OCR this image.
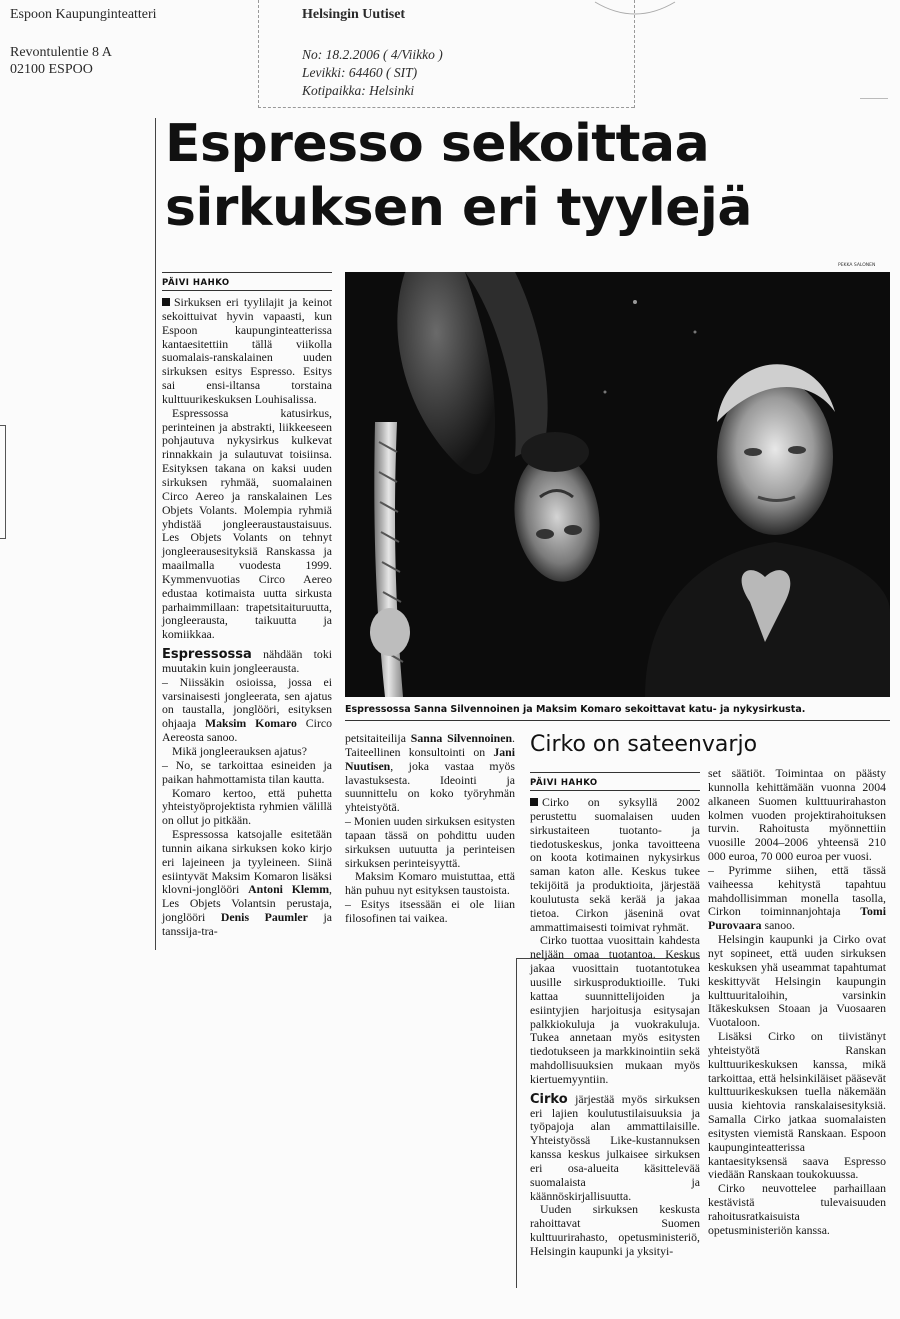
Espoon Kaupunginteatteri
Revontulentie 8 A
02100 ESPOO
Helsingin Uutiset
No: 18.2.2006 ( 4/Viikko )
Levikki: 64460 ( SIT)
Kotipaikka: Helsinki
Espresso sekoittaa
sirkuksen eri tyylejä
PÄIVI HAHKO
PEKKA SALONEN
Espressossa Sanna Silvennoinen ja Maksim Komaro sekoittavat katu- ja nykysirkusta.

Sirkuksen eri tyylilajit ja keinot sekoittuivat hyvin vapaasti, kun Espoon kaupunginteatterissa kantaesitettiin tällä viikolla suomalais-ranskalainen uuden sirkuksen esitys Espresso. Esitys sai ensi-iltansa torstaina kulttuurikeskuksen Louhisalissa.

Espressossa katusirkus, perinteinen ja abstrakti, liikkeeseen pohjautuva nykysirkus kulkevat rinnakkain ja sulautuvat toisiinsa. Esityksen takana on kaksi uuden sirkuksen ryhmää, suomalainen Circo Aereo ja ranskalainen Les Objets Volants. Molempia ryhmiä yhdistää jongleeraustaustaisuus. Les Objets Volants on tehnyt jongleerausesityksiä Ranskassa ja maailmalla vuodesta 1999. Kymmenvuotias Circo Aereo edustaa kotimaista uutta sirkusta parhaimmillaan: trapetsitaituruutta, jongleerausta, taikuutta ja komiikkaa.

Espressossa nähdään toki muutakin kuin jongleerausta.

– Niissäkin osioissa, jossa ei varsinaisesti jongleerata, sen ajatus on taustalla, jonglööri, esityksen ohjaaja Maksim Komaro Circo Aereosta sanoo.

Mikä jongleerauksen ajatus?

– No, se tarkoittaa esineiden ja paikan hahmottamista tilan kautta.

Komaro kertoo, että puhetta yhteistyöprojektista ryhmien välillä on ollut jo pitkään.

Espressossa katsojalle esitetään tunnin aikana sirkuksen koko kirjo eri lajeineen ja tyyleineen. Siinä esiintyvät Maksim Komaron lisäksi klovni-jonglööri Antoni Klemm, Les Objets Volantsin perustaja, jonglööri Denis Paumler ja tanssija-tra-

petsitaiteilija Sanna Silvennoinen. Taiteellinen konsultointi on Jani Nuutisen, joka vastaa myös lavastuksesta. Ideointi ja suunnittelu on koko työryhmän yhteistyötä.

– Monien uuden sirkuksen esitysten tapaan tässä on pohdittu uuden sirkuksen uutuutta ja perinteisen sirkuksen perinteisyyttä.

Maksim Komaro muistuttaa, että hän puhuu nyt esityksen taustoista.

– Esitys itsessään ei ole liian filosofinen tai vaikea.

Cirko on sateenvarjo
PÄIVI HAHKO

Cirko on syksyllä 2002 perustettu suomalaisen uuden sirkustaiteen tuotanto- ja tiedotuskeskus, jonka tavoitteena on koota kotimainen nykysirkus saman katon alle. Keskus tukee tekijöitä ja produktioita, järjestää koulutusta sekä kerää ja jakaa tietoa. Cirkon jäseninä ovat ammattimaisesti toimivat ryhmät.

Cirko tuottaa vuosittain kahdesta neljään omaa tuotantoa. Keskus jakaa vuosittain tuotantotukea uusille sirkusproduktioille. Tuki kattaa suunnittelijoiden ja esiintyjien harjoitusja esitysajan palkkiokuluja ja vuokrakuluja. Tukea annetaan myös esitysten tiedotukseen ja markkinointiin sekä mahdollisuuksien mukaan myös kiertuemyyntiin.

Cirko järjestää myös sirkuksen eri lajien koulutustilaisuuksia ja työpajoja alan ammattilaisille. Yhteistyössä Like-kustannuksen kanssa keskus julkaisee sirkuksen eri osa-alueita käsittelevää suomalaista ja käännöskirjallisuutta.

Uuden sirkuksen keskusta rahoittavat Suomen kulttuurirahasto, opetusministeriö, Helsingin kaupunki ja yksityi-

set säätiöt. Toimintaa on päästy kunnolla kehittämään vuonna 2004 alkaneen Suomen kulttuurirahaston kolmen vuoden projektirahoituksen turvin. Rahoitusta myönnettiin vuosille 2004–2006 yhteensä 210 000 euroa, 70 000 euroa per vuosi.

– Pyrimme siihen, että tässä vaiheessa kehitystä tapahtuu mahdollisimman monella tasolla, Cirkon toiminnanjohtaja Tomi Purovaara sanoo.

Helsingin kaupunki ja Cirko ovat nyt sopineet, että uuden sirkuksen keskuksen yhä useammat tapahtumat keskittyvät Helsingin kaupungin kulttuuritaloihin, varsinkin Itäkeskuksen Stoaan ja Vuosaaren Vuotaloon.

Lisäksi Cirko on tiivistänyt yhteistyötä Ranskan kulttuurikeskuksen kanssa, mikä tarkoittaa, että helsinkiläiset pääsevät kulttuurikeskuksen tuella näkemään uusia kiehtovia ranskalaisesityksiä. Samalla Cirko jatkaa suomalaisten esitysten viemistä Ranskaan. Espoon kaupunginteatterissa kantaesityksensä saava Espresso viedään Ranskaan toukokuussa.

Cirko neuvottelee parhaillaan kestävistä tulevaisuuden rahoitusratkaisuista opetusministeriön kanssa.
